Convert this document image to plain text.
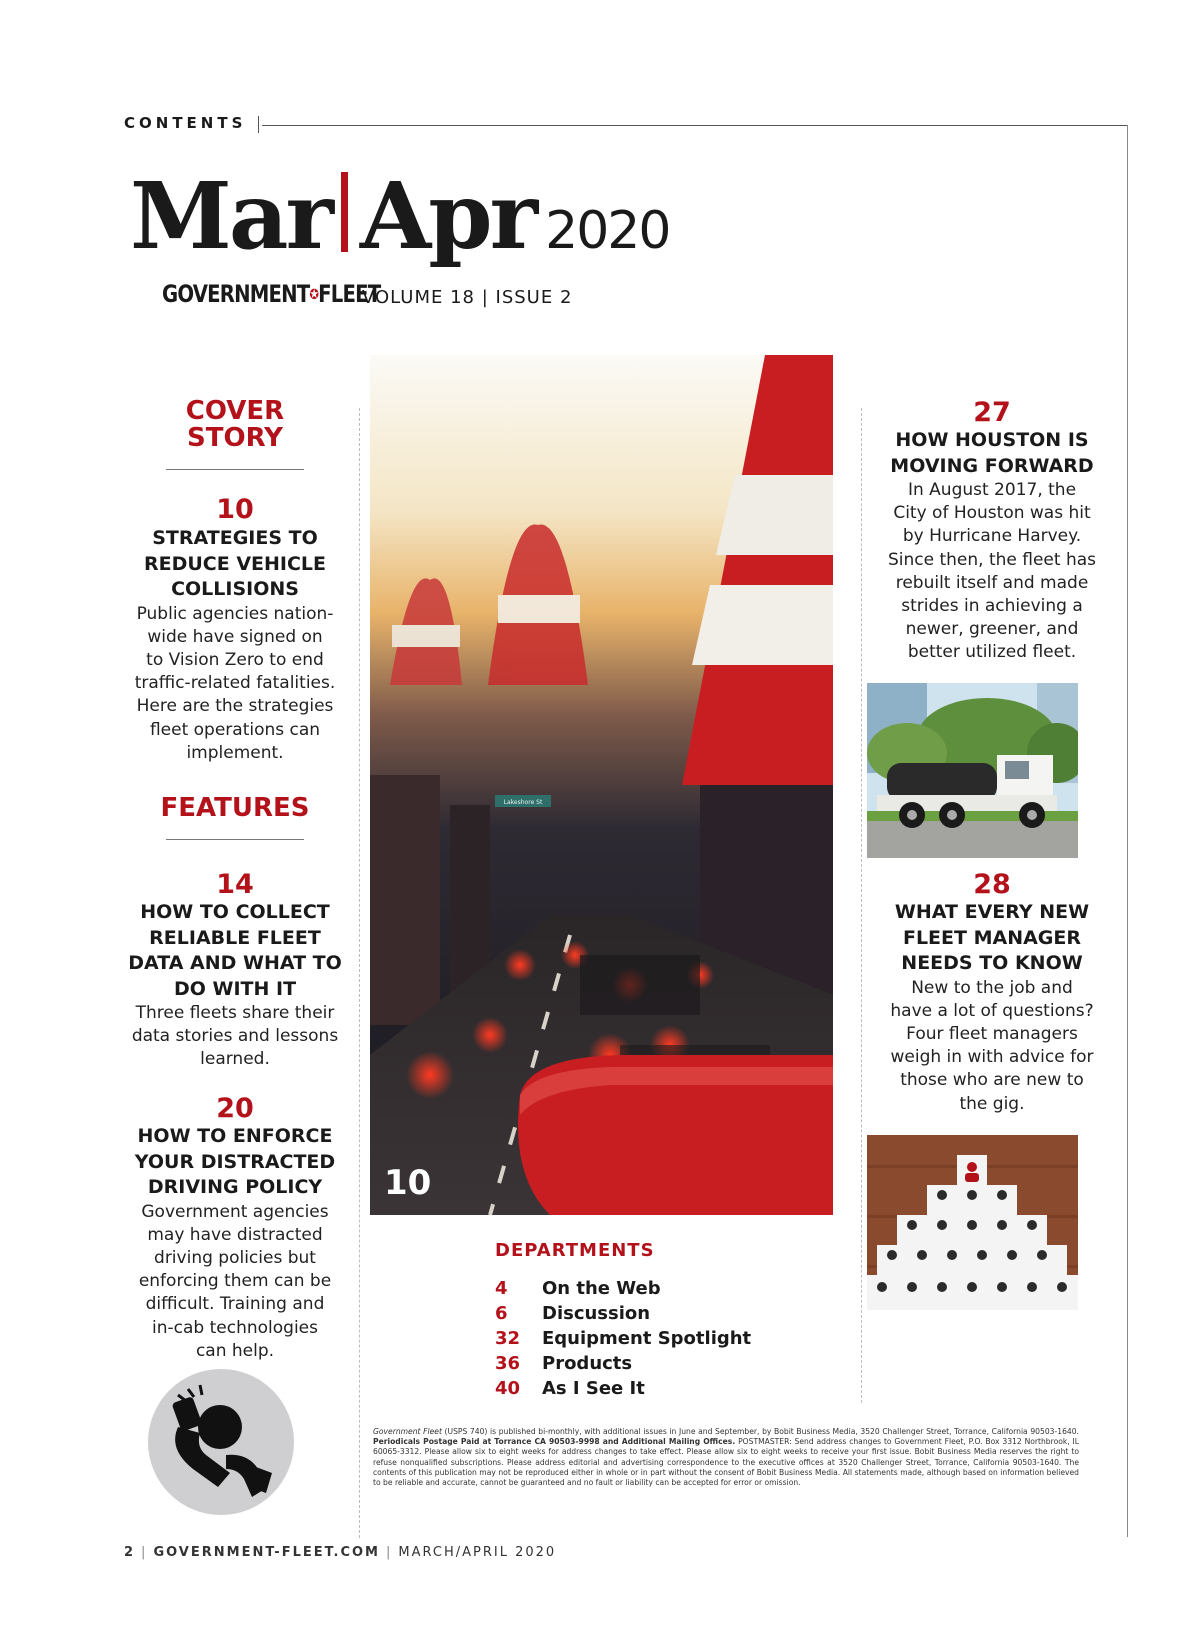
CONTENTS
Mar Apr 2020
GOVERNMENT✪FLEET
VOLUME 18 | ISSUE 2
COVER
STORY
10
STRATEGIES TO
REDUCE VEHICLE
COLLISIONS
Public agencies nation-
wide have signed on
to Vision Zero to end
traffic-related fatalities.
Here are the strategies
fleet operations can
implement.
FEATURES
14
HOW TO COLLECT
RELIABLE FLEET
DATA AND WHAT TO
DO WITH IT
Three fleets share their
data stories and lessons
learned.
20
HOW TO ENFORCE
YOUR DISTRACTED
DRIVING POLICY
Government agencies
may have distracted
driving policies but
enforcing them can be
difficult. Training and
in-cab technologies
can help.
Lakeshore St
10
DEPARTMENTS
4 On the Web
6 Discussion
32 Equipment Spotlight
36 Products
40 As I See It
27
HOW HOUSTON IS
MOVING FORWARD
In August 2017, the
City of Houston was hit
by Hurricane Harvey.
Since then, the fleet has
rebuilt itself and made
strides in achieving a
newer, greener, and
better utilized fleet.
28
WHAT EVERY NEW
FLEET MANAGER
NEEDS TO KNOW
New to the job and
have a lot of questions?
Four fleet managers
weigh in with advice for
those who are new to
the gig.
Government Fleet (USPS 740) is published bi-monthly, with additional issues in June and September, by Bobit Business Media, 3520 Challenger Street, Torrance, California 90503-1640. Periodicals Postage Paid at Torrance CA 90503-9998 and Additional Mailing Offices. POSTMASTER: Send address changes to Government Fleet, P.O. Box 3312 Northbrook, IL 60065-3312. Please allow six to eight weeks for address changes to take effect. Please allow six to eight weeks to receive your first issue. Bobit Business Media reserves the right to refuse nonqualified subscriptions. Please address editorial and advertising correspondence to the executive offices at 3520 Challenger Street, Torrance, California 90503-1640. The contents of this publication may not be reproduced either in whole or in part without the consent of Bobit Business Media. All statements made, although based on information believed to be reliable and accurate, cannot be guaranteed and no fault or liability can be accepted for error or omission.
2 | GOVERNMENT-FLEET.COM | MARCH/APRIL 2020
